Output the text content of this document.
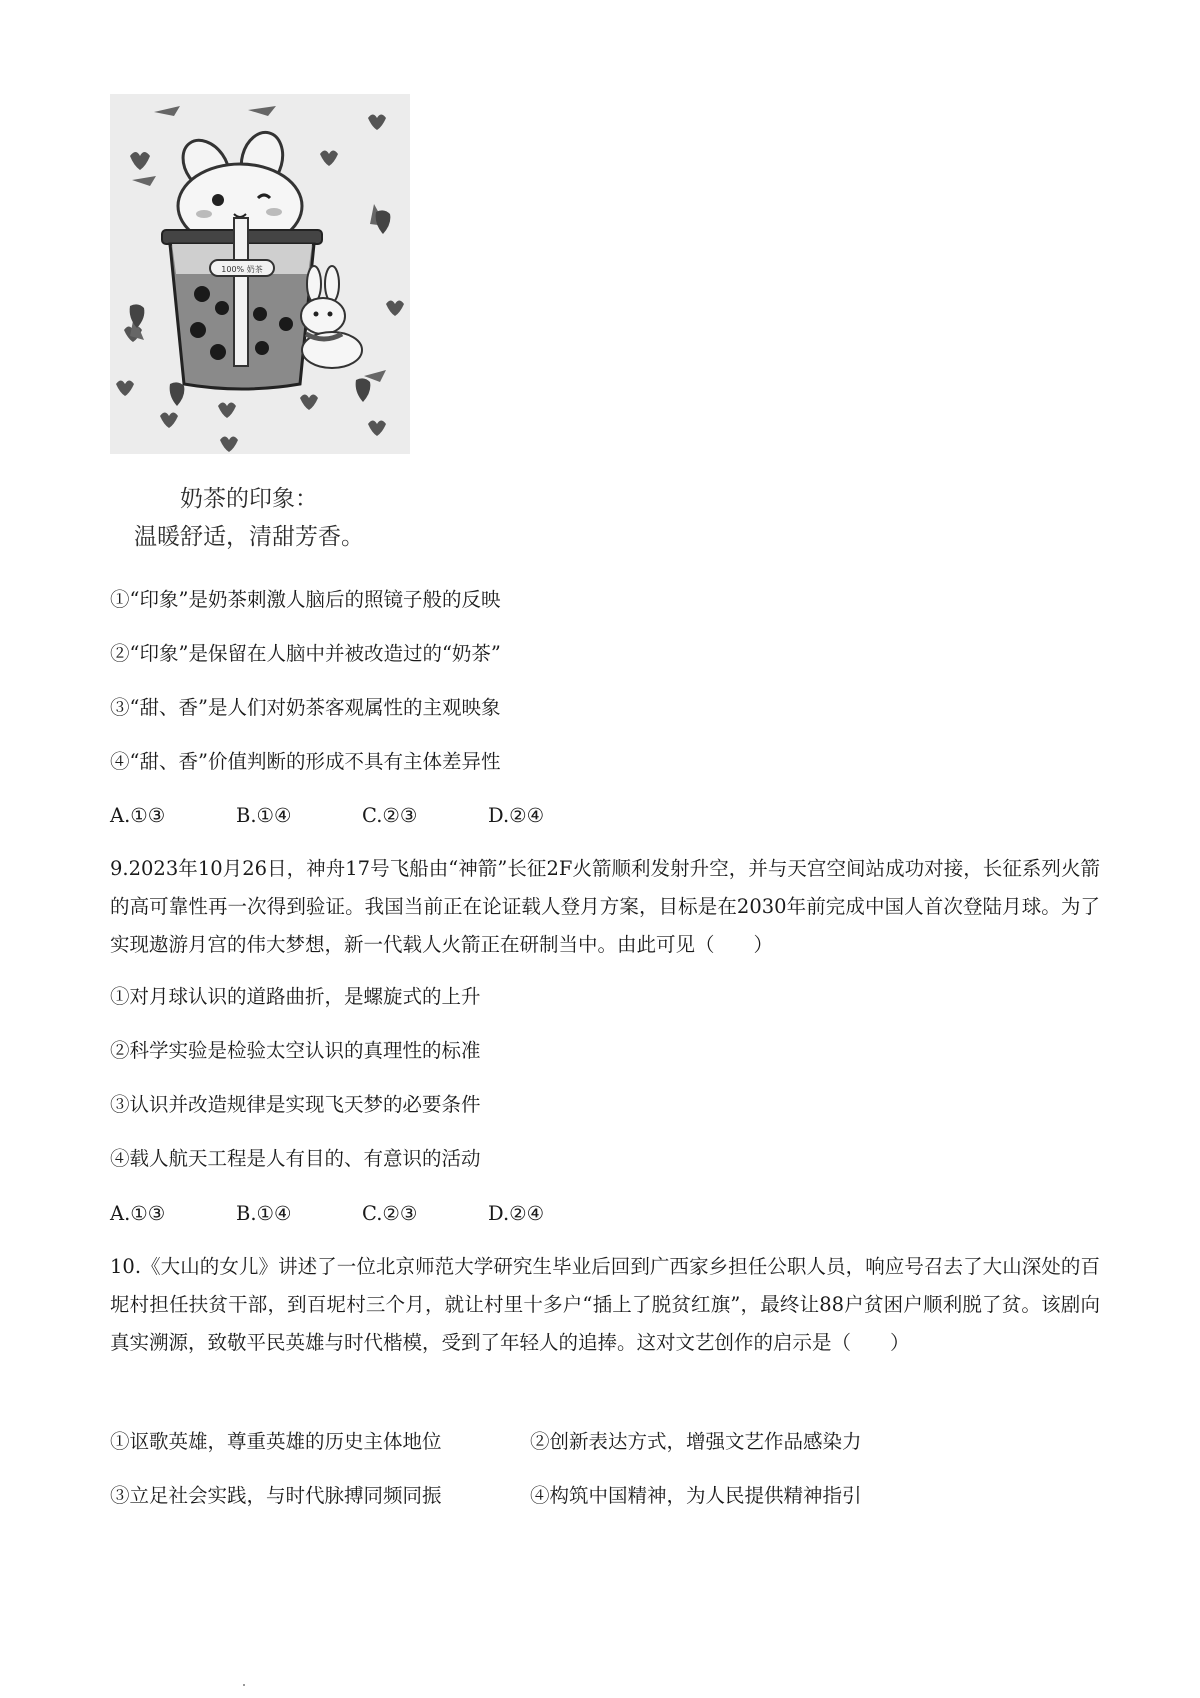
100% 奶茶
奶茶的印象：
温暖舒适，清甜芳香。
①“印象”是奶茶刺激人脑后的照镜子般的反映
②“印象”是保留在人脑中并被改造过的“奶茶”
③“甜、香”是人们对奶茶客观属性的主观映象
④“甜、香”价值判断的形成不具有主体差异性
A.①③	B.①④	C.②③	D.②④
9.2023年10月26日，神舟17号飞船由“神箭”长征2F火箭顺利发射升空，并与天宫空间站成功对接，长征系列火箭的高可靠性再一次得到验证。我国当前正在论证载人登月方案，目标是在2030年前完成中国人首次登陆月球。为了实现遨游月宫的伟大梦想，新一代载人火箭正在研制当中。由此可见（　　）
①对月球认识的道路曲折，是螺旋式的上升
②科学实验是检验太空认识的真理性的标准
③认识并改造规律是实现飞天梦的必要条件
④载人航天工程是人有目的、有意识的活动
A.①③	B.①④	C.②③	D.②④
10.《大山的女儿》讲述了一位北京师范大学研究生毕业后回到广西家乡担任公职人员，响应号召去了大山深处的百坭村担任扶贫干部，到百坭村三个月，就让村里十多户“插上了脱贫红旗”，最终让88户贫困户顺利脱了贫。该剧向真实溯源，致敬平民英雄与时代楷模，受到了年轻人的追捧。这对文艺创作的启示是（　　）
①讴歌英雄，尊重英雄的历史主体地位	②创新表达方式，增强文艺作品感染力
③立足社会实践，与时代脉搏同频同振	④构筑中国精神，为人民提供精神指引
